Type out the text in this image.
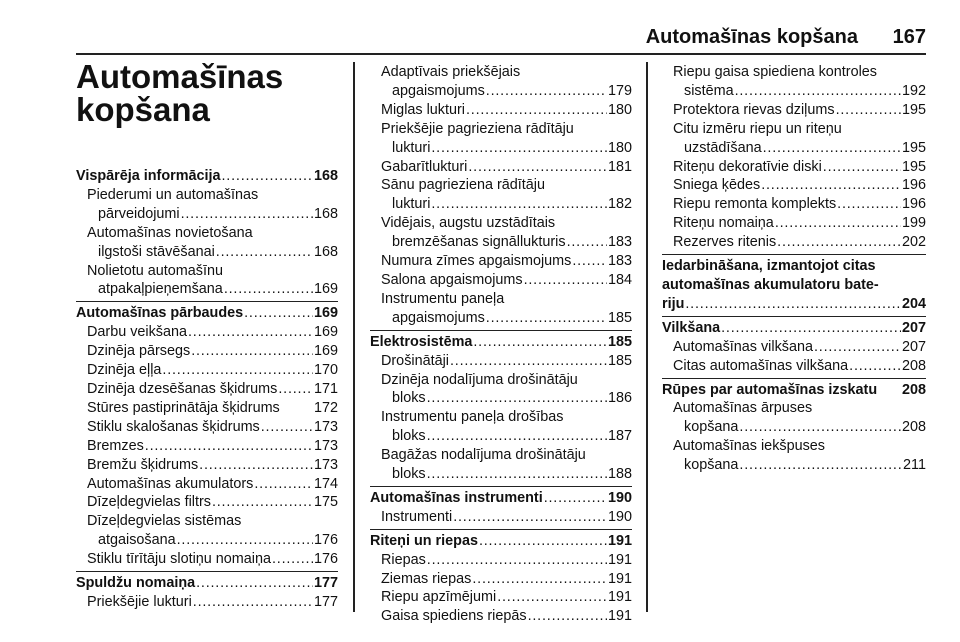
Automašīnas kopšana 167
Automašīnas
kopšana
Vispārēja informācija . . .	168
Piederumi un automašīnas
pārveidojumi . . .	168
Automašīnas novietošana
ilgstoši stāvēšanai . . .	168
Nolietotu automašīnu
atpakaļpieņemšana . . .	169
Automašīnas pārbaudes . . .	169
Darbu veikšana . . .	169
Dzinēja pārsegs . . .	169
Dzinēja eļļa . . .	170
Dzinēja dzesēšanas šķidrums . . .	171
Stūres pastiprinātāja šķidrums 172
Stiklu skalošanas šķidrums . . .	173
Bremzes . . .	173
Bremžu šķidrums . . .	173
Automašīnas akumulators . . .	174
Dīzeļdegvielas filtrs . . .	175
Dīzeļdegvielas sistēmas
atgaisošana . . .	176
Stiklu tīrītāju slotiņu nomaiņa . . .	176
Spuldžu nomaiņa . . .	177
Priekšējie lukturi . . .	177
Adaptīvais priekšējais
apgaismojums . . .	179
Miglas lukturi . . .	180
Priekšējie pagrieziena rādītāju
lukturi . . .	180
Gabarītlukturi . . .	181
Sānu pagrieziena rādītāju
lukturi . . .	182
Vidējais, augstu uzstādītais
bremzēšanas signāllukturis . . .	183
Numura zīmes apgaismojums . . .	183
Salona apgaismojums . . .	184
Instrumentu paneļa
apgaismojums . . .	185
Elektrosistēma . . .	185
Drošinātāji . . .	185
Dzinēja nodalījuma drošinātāju
bloks . . .	186
Instrumentu paneļa drošības
bloks . . .	187
Bagāžas nodalījuma drošinātāju
bloks . . .	188
Automašīnas instrumenti . . .	190
Instrumenti . . .	190
Riteņi un riepas . . .	191
Riepas . . .	191
Ziemas riepas . . .	191
Riepu apzīmējumi . . .	191
Gaisa spiediens riepās . . .	191
Riepu gaisa spiediena kontroles
sistēma . . .	192
Protektora rievas dziļums . . .	195
Citu izmēru riepu un riteņu
uzstādīšana . . .	195
Riteņu dekoratīvie diski . . .	195
Sniega ķēdes . . .	196
Riepu remonta komplekts . . .	196
Riteņu nomaiņa . . .	199
Rezerves ritenis . . .	202
Iedarbināšana, izmantojot citas
automašīnas akumulatoru bate-
riju . . .	204
Vilkšana . . .	207
Automašīnas vilkšana . . .	207
Citas automašīnas vilkšana . . .	208
Rūpes par automašīnas izskatu 208
Automašīnas ārpuses
kopšana . . .	208
Automašīnas iekšpuses
kopšana . . .	211
